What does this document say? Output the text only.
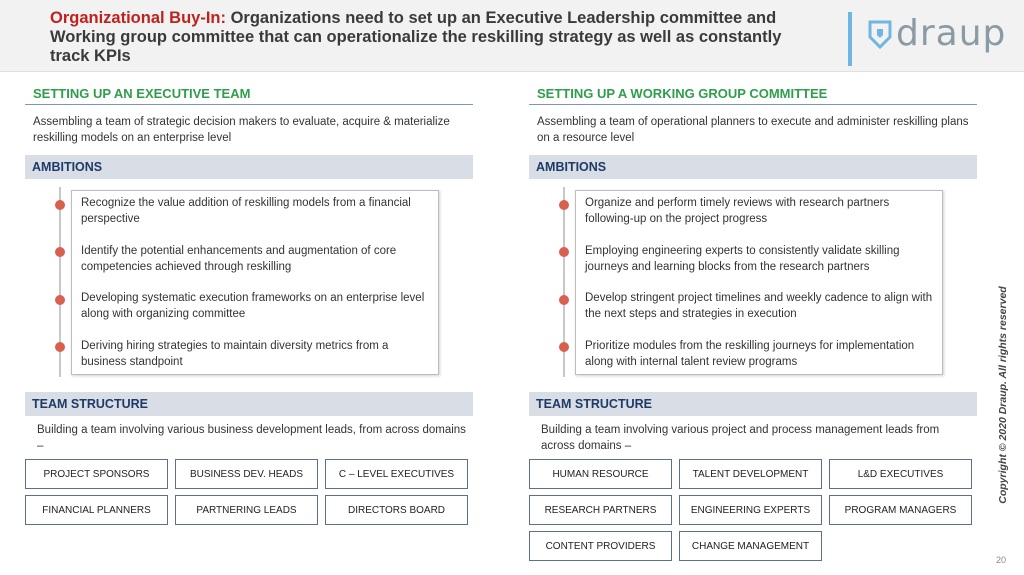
Organizational Buy-In: Organizations need to set up an Executive Leadership committee and Working group committee that can operationalize the reskilling strategy as well as constantly track KPIs
draup
SETTING UP AN EXECUTIVE TEAM
Assembling a team of strategic decision makers to evaluate, acquire & materialize reskilling models on an enterprise level
AMBITIONS
Recognize the value addition of reskilling models from a financial perspective
Identify the potential enhancements and augmentation of core competencies achieved through reskilling
Developing systematic execution frameworks on an enterprise level along with organizing committee
Deriving hiring strategies to maintain diversity metrics from a business standpoint
TEAM STRUCTURE
Building a team involving various business development leads, from across domains –
PROJECT SPONSORS	BUSINESS DEV. HEADS	C – LEVEL EXECUTIVES
FINANCIAL PLANNERS	PARTNERING LEADS	DIRECTORS BOARD
SETTING UP A WORKING GROUP COMMITTEE
Assembling a team of operational planners to execute and administer reskilling plans on a resource level
AMBITIONS
Organize and perform timely reviews with research partners following-up on the project progress
Employing engineering experts to consistently validate skilling journeys and learning blocks from the research partners
Develop stringent project timelines and weekly cadence to align with the next steps and strategies in execution
Prioritize modules from the reskilling journeys for implementation along with internal talent review programs
TEAM STRUCTURE
Building a team involving various project and process management leads from across domains –
HUMAN RESOURCE	TALENT DEVELOPMENT	L&D EXECUTIVES
RESEARCH PARTNERS	ENGINEERING EXPERTS	PROGRAM MANAGERS
CONTENT PROVIDERS	CHANGE MANAGEMENT
Copyright © 2020 Draup. All rights reserved
20
